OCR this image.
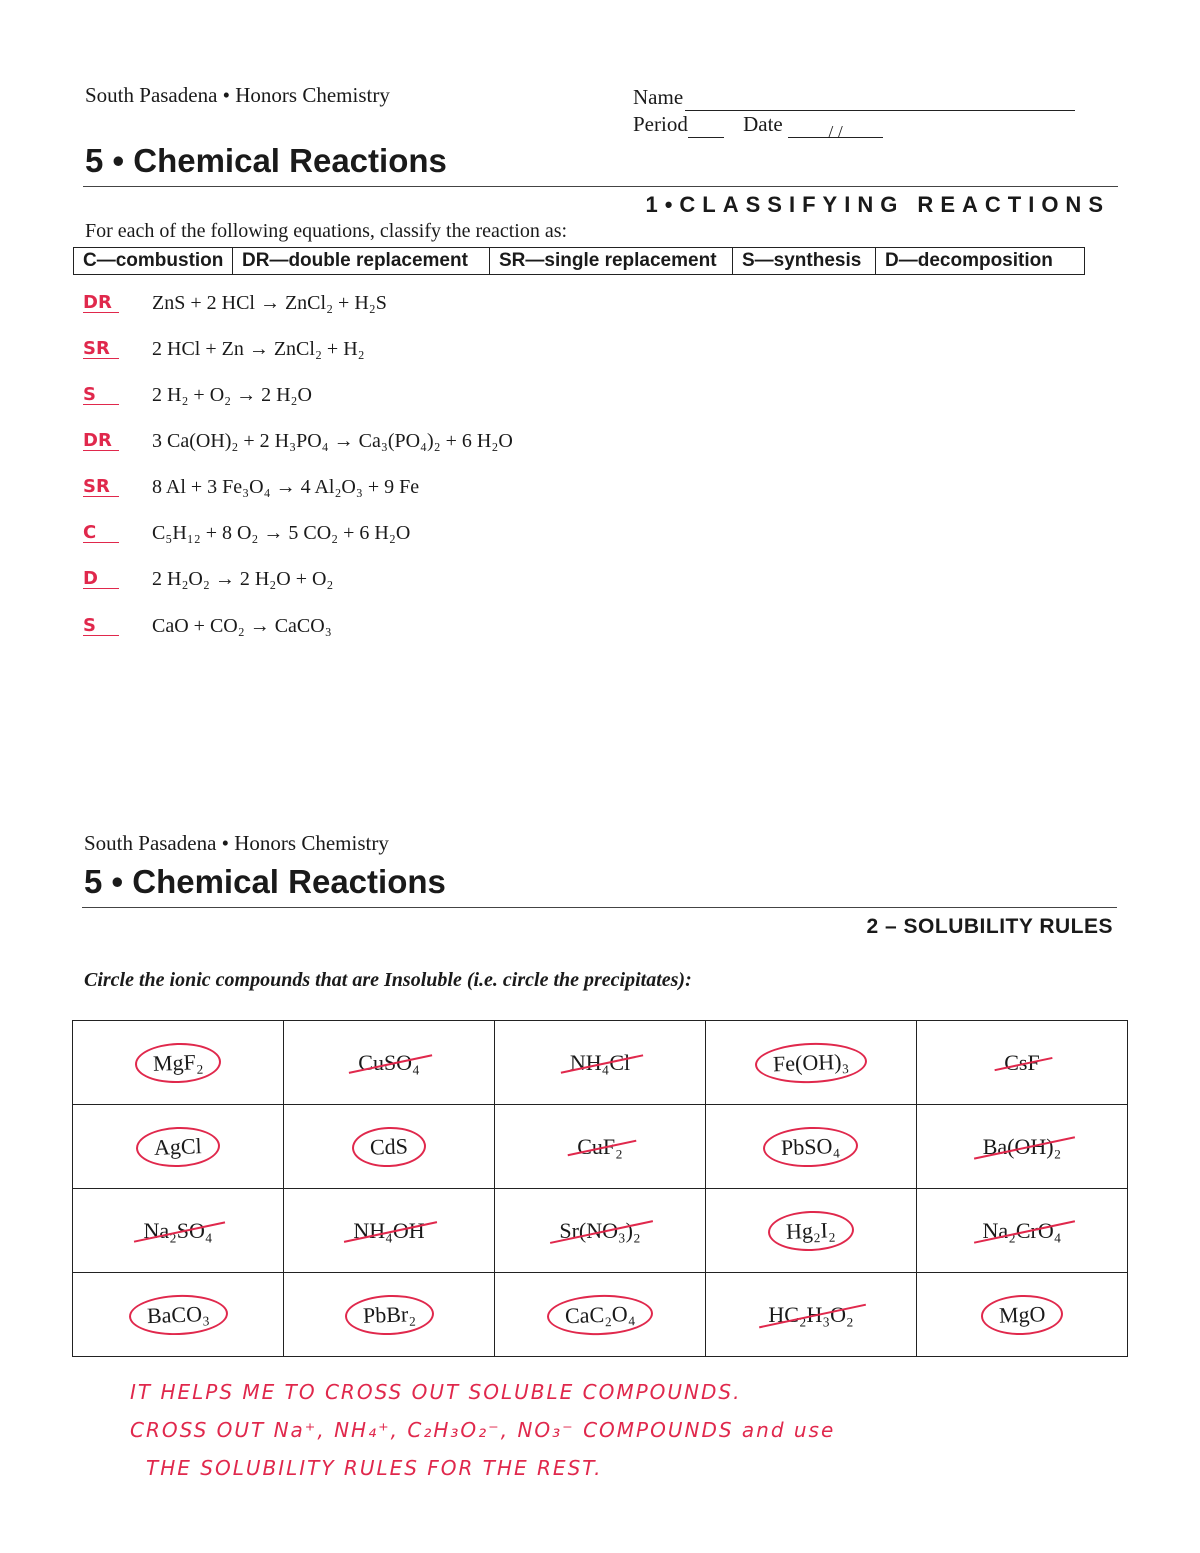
South Pasadena • Honors Chemistry	Name
Period	Date	/ /
5 • Chemical Reactions
1•CLASSIFYING REACTIONS
For each of the following equations, classify the reaction as:
C—combustion DR—double replacement	SR—single replacement	S—synthesis	D—decomposition
DR	ZnS + 2 HCl → ZnCl₂ + H₂S
SR	2 HCl + Zn → ZnCl₂ + H₂
S	2 H₂ + O₂ → 2 H₂O
DR	3 Ca(OH)₂ + 2 H₃PO₄ → Ca₃(PO₄)₂ + 6 H₂O
SR	8 Al + 3 Fe₃O₄ → 4 Al₂O₃ + 9 Fe
C	C₅H₁₂ + 8 O₂ → 5 CO₂ + 6 H₂O
D	2 H₂O₂ → 2 H₂O + O₂
S	CaO + CO₂ → CaCO₃
South Pasadena • Honors Chemistry
5 • Chemical Reactions
2 – SOLUBILITY RULES
Circle the ionic compounds that are Insoluble (i.e. circle the precipitates):
MgF₂	CuSO₄	NH₄Cl	Fe(OH)₃	CsF
AgCl	CdS	CuF₂	PbSO₄	Ba(OH)₂
Na₂SO₄	NH₄OH	Sr(NO₃)₂	Hg₂I₂	Na₂CrO₄
BaCO₃	PbBr₂	CaC₂O₄	HC₂H₃O₂	MgO
IT HELPS ME TO CROSS OUT SOLUBLE COMPOUNDS.
CROSS OUT Na⁺, NH₄⁺, C₂H₃O₂⁻, NO₃⁻ COMPOUNDS and use
THE SOLUBILITY RULES FOR THE REST.
